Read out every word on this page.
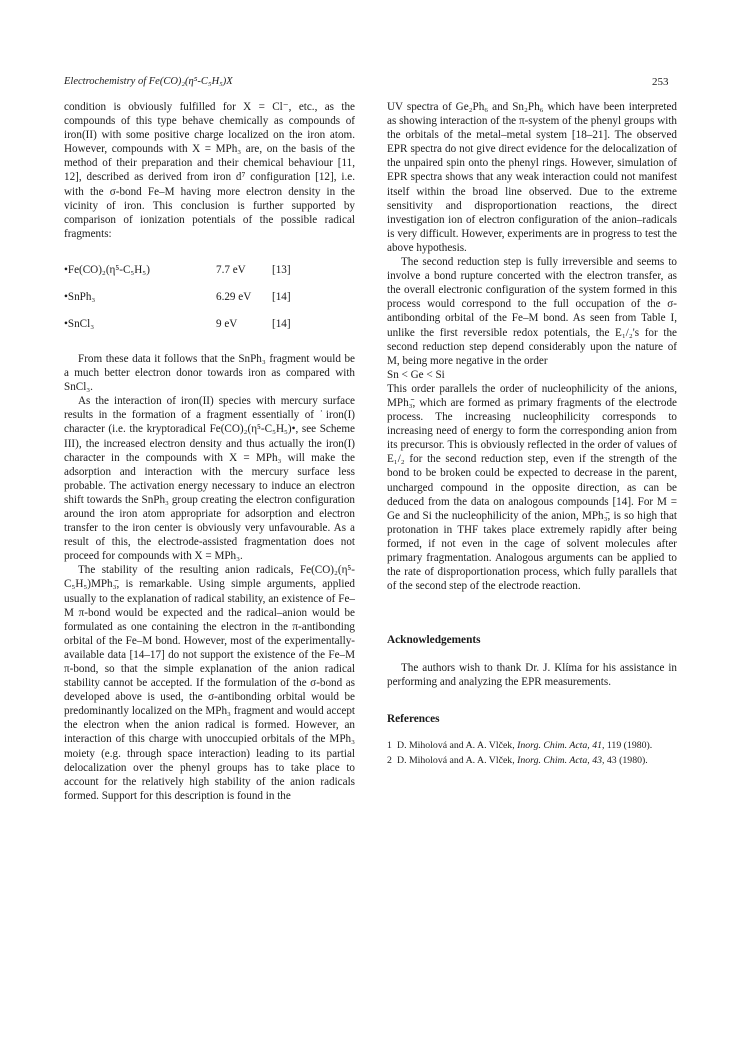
Electrochemistry of Fe(CO)₂(η⁵-C₅H₅)X	253

condition is obviously fulfilled for X = Cl⁻, etc., as the compounds of this type behave chemically as compounds of iron(II) with some positive charge localized on the iron atom. However, compounds with X = MPh₃ are, on the basis of the method of their preparation and their chemical behaviour [11, 12], described as derived from iron d⁷ configuration [12], i.e. with the σ-bond Fe–M having more electron density in the vicinity of iron. This conclusion is further supported by comparison of ionization potentials of the possible radical fragments:

•Fe(CO)₂(η⁵-C₅H₅)	7.7 eV	[13]
•SnPh₃	6.29 eV	[14]
•SnCl₃	9 eV	[14]

From these data it follows that the SnPh₃ fragment would be a much better electron donor towards iron as compared with SnCl₃.

As the interaction of iron(II) species with mercury surface results in the formation of a fragment essentially of ˙iron(I) character (i.e. the kryptoradical Fe(CO)₂(η⁵-C₅H₅)•, see Scheme III), the increased electron density and thus actually the iron(I) character in the compounds with X = MPh₃ will make the adsorption and interaction with the mercury surface less probable. The activation energy necessary to induce an electron shift towards the SnPh₃ group creating the electron configuration around the iron atom appropriate for adsorption and electron transfer to the iron center is obviously very unfavourable. As a result of this, the electrode-assisted fragmentation does not proceed for compounds with X = MPh₃.

The stability of the resulting anion radicals, Fe(CO)₂(η⁵-C₅H₅)MPh₃̄, is remarkable. Using simple arguments, applied usually to the explanation of radical stability, an existence of Fe–M π-bond would be expected and the radical–anion would be formulated as one containing the electron in the π-antibonding orbital of the Fe–M bond. However, most of the experimentally-available data [14–17] do not support the existence of the Fe–M π-bond, so that the simple explanation of the anion radical stability cannot be accepted. If the formulation of the σ-bond as developed above is used, the σ-antibonding orbital would be predominantly localized on the MPh₃ fragment and would accept the electron when the anion radical is formed. However, an interaction of this charge with unoccupied orbitals of the MPh₃ moiety (e.g. through space interaction) leading to its partial delocalization over the phenyl groups has to take place to account for the relatively high stability of the anion radicals formed. Support for this description is found in the

UV spectra of Ge₂Ph₆ and Sn₂Ph₆ which have been interpreted as showing interaction of the π-system of the phenyl groups with the orbitals of the metal–metal system [18–21]. The observed EPR spectra do not give direct evidence for the delocalization of the unpaired spin onto the phenyl rings. However, simulation of EPR spectra shows that any weak interaction could not manifest itself within the broad line observed. Due to the extreme sensitivity and disproportionation reactions, the direct investigation ion of electron configuration of the anion–radicals is very difficult. However, experiments are in progress to test the above hypothesis.

The second reduction step is fully irreversible and seems to involve a bond rupture concerted with the electron transfer, as the overall electronic configuration of the system formed in this process would correspond to the full occupation of the σ-antibonding orbital of the Fe–M bond. As seen from Table I, unlike the first reversible redox potentials, the E₁/₂'s for the second reduction step depend considerably upon the nature of M, being more negative in the order

Sn < Ge < Si

This order parallels the order of nucleophilicity of the anions, MPh₃̄, which are formed as primary fragments of the electrode process. The increasing nucleophilicity corresponds to increasing need of energy to form the corresponding anion from its precursor. This is obviously reflected in the order of values of E₁/₂ for the second reduction step, even if the strength of the bond to be broken could be expected to decrease in the parent, uncharged compound in the opposite direction, as can be deduced from the data on analogous compounds [14]. For M = Ge and Si the nucleophilicity of the anion, MPh₃̄, is so high that protonation in THF takes place extremely rapidly after being formed, if not even in the cage of solvent molecules after primary fragmentation. Analogous arguments can be applied to the rate of disproportionation process, which fully parallels that of the second step of the electrode reaction.

Acknowledgements

The authors wish to thank Dr. J. Klíma for his assistance in performing and analyzing the EPR measurements.

References
1 D. Miholová and A. A. Vlček, Inorg. Chim. Acta, 41, 119 (1980).
2 D. Miholová and A. A. Vlček, Inorg. Chim. Acta, 43, 43 (1980).
